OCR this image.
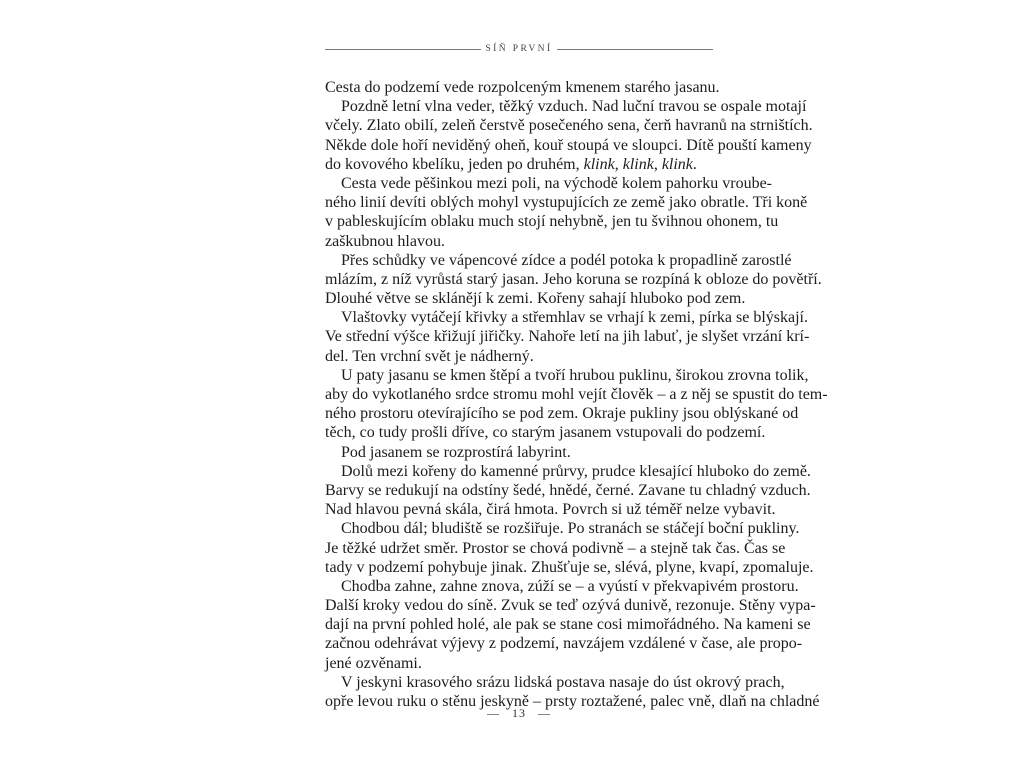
SÍŇ PRVNÍ
Cesta do podzemí vede rozpolceným kmenem starého jasanu.
Pozdně letní vlna veder, těžký vzduch. Nad luční travou se ospale motají
včely. Zlato obilí, zeleň čerstvě posečeného sena, čerň havranů na strništích.
Někde dole hoří neviděný oheň, kouř stoupá ve sloupci. Dítě pouští kameny
do kovového kbelíku, jeden po druhém, klink, klink, klink.
Cesta vede pěšinkou mezi poli, na východě kolem pahorku vroube-
ného linií devíti oblých mohyl vystupujících ze země jako obratle. Tři koně
v pableskujícím oblaku much stojí nehybně, jen tu švihnou ohonem, tu
zaškubnou hlavou.
Přes schůdky ve vápencové zídce a podél potoka k propadlině zarostlé
mlázím, z níž vyrůstá starý jasan. Jeho koruna se rozpíná k obloze do povětří.
Dlouhé větve se sklánějí k zemi. Kořeny sahají hluboko pod zem.
Vlaštovky vytáčejí křivky a střemhlav se vrhají k zemi, pírka se blýskají.
Ve střední výšce křižují jiřičky. Nahoře letí na jih labuť, je slyšet vrzání krí-
del. Ten vrchní svět je nádherný.
U paty jasanu se kmen štěpí a tvoří hrubou puklinu, širokou zrovna tolik,
aby do vykotlaného srdce stromu mohl vejít člověk – a z něj se spustit do tem-
ného prostoru otevírajícího se pod zem. Okraje pukliny jsou oblýskané od
těch, co tudy prošli dříve, co starým jasanem vstupovali do podzemí.
Pod jasanem se rozprostírá labyrint.
Dolů mezi kořeny do kamenné průrvy, prudce klesající hluboko do země.
Barvy se redukují na odstíny šedé, hnědé, černé. Zavane tu chladný vzduch.
Nad hlavou pevná skála, čirá hmota. Povrch si už téměř nelze vybavit.
Chodbou dál; bludiště se rozšiřuje. Po stranách se stáčejí boční pukliny.
Je těžké udržet směr. Prostor se chová podivně – a stejně tak čas. Čas se
tady v podzemí pohybuje jinak. Zhušťuje se, slévá, plyne, kvapí, zpomaluje.
Chodba zahne, zahne znova, zúží se – a vyústí v překvapivém prostoru.
Další kroky vedou do síně. Zvuk se teď ozývá dunivě, rezonuje. Stěny vypa-
dají na první pohled holé, ale pak se stane cosi mimořádného. Na kameni se
začnou odehrávat výjevy z podzemí, navzájem vzdálené v čase, ale propo-
jené ozvěnami.
V jeskyni krasového srázu lidská postava nasaje do úst okrový prach,
opře levou ruku o stěnu jeskyně – prsty roztažené, palec vně, dlaň na chladné
— 13 —
